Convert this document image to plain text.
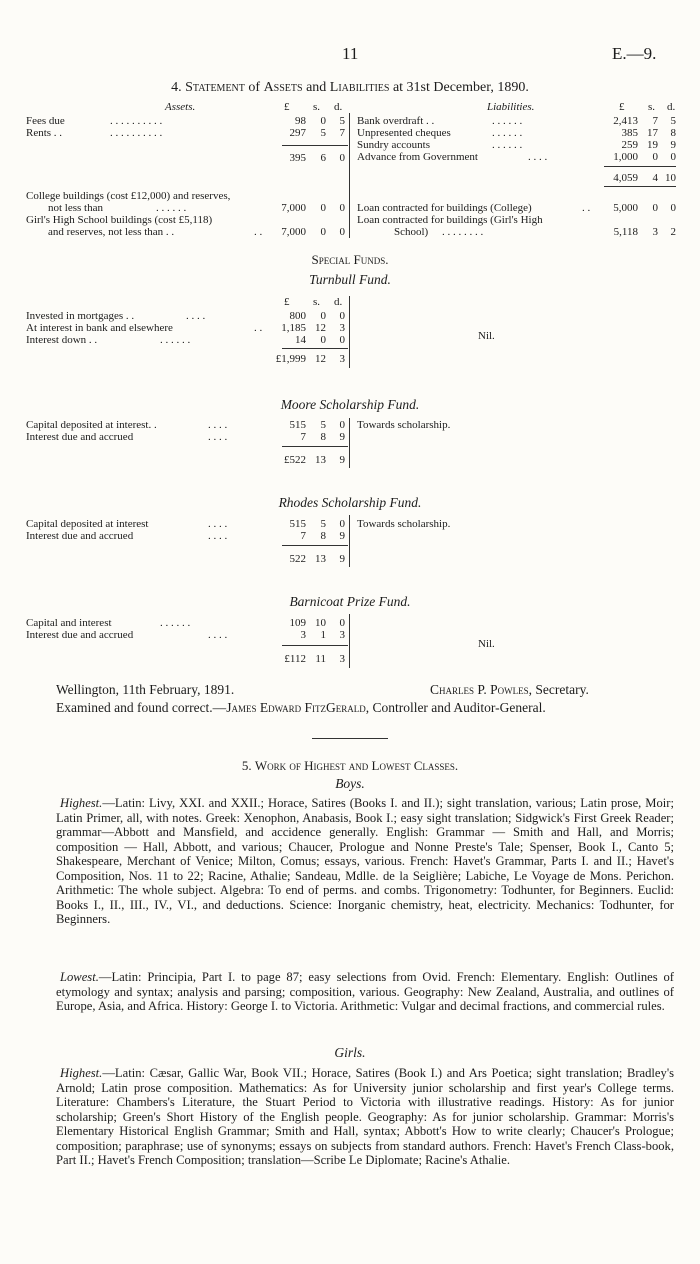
11	E.—9.
4. Statement of Assets and Liabilities at 31st December, 1890.
Assets.	Liabilities.
£ s. d.	£ s. d.
Fees due	. . . . . . . . . .	98	0	5
Rents . .	. . . . . . . . . .	297	5	7
395	6	0
Bank overdraft . .	. . . . . .	2,413	7	5
Unpresented cheques	. . . . . .	385 17	8
Sundry accounts	. . . . . .	259 19	9
Advance from Government	. . . .	1,000	0	0
4,059	4 10
College buildings (cost £12,000) and reserves,
not less than	. . . . . .	7,000	0	0
Girl's High School buildings (cost £5,118)
and reserves, not less than . .	. .	7,000	0	0
Loan contracted for buildings (College)	. .	5,000	0	0
Loan contracted for buildings (Girl's High
School) . . . . . . . .	5,118	3	2
Special Funds.
Turnbull Fund.
£ s. d.
Invested in mortgages . .	. . . .	800	0	0
At interest in bank and elsewhere	. .	1,185 12	3
Interest down . .	. . . . . .	14	0	0
£1,999 12	3
Nil.
Moore Scholarship Fund.
Capital deposited at interest. .	. . . .	515	5	0
Interest due and accrued	. . . .	7	8	9
£522 13	9
Towards scholarship.
Rhodes Scholarship Fund.
Capital deposited at interest	. . . .	515	5	0
Interest due and accrued	. . . .	7	8	9
522 13	9
Towards scholarship.
Barnicoat Prize Fund.
Capital and interest	. . . . . .	109 10	0
Interest due and accrued	. . . .	3	1	3
£112 11	3
Nil.
Wellington, 11th February, 1891.	Charles P. Powles, Secretary.
Examined and found correct.—James Edward FitzGerald, Controller and Auditor-General.
5. Work of Highest and Lowest Classes.
Boys.
Highest.—Latin: Livy, XXI. and XXII.; Horace, Satires (Books I. and II.); sight translation, various; Latin prose, Moir; Latin Primer, all, with notes. Greek: Xenophon, Anabasis, Book I.; easy sight translation; Sidgwick's First Greek Reader; grammar—Abbott and Mansfield, and accidence generally. English: Grammar — Smith and Hall, and Morris; composition — Hall, Abbott, and various; Chaucer, Prologue and Nonne Preste's Tale; Spenser, Book I., Canto 5; Shakespeare, Merchant of Venice; Milton, Comus; essays, various. French: Havet's Grammar, Parts I. and II.; Havet's Composition, Nos. 11 to 22; Racine, Athalie; Sandeau, Mdlle. de la Seiglière; Labiche, Le Voyage de Mons. Perichon. Arithmetic: The whole subject. Algebra: To end of perms. and combs. Trigonometry: Todhunter, for Beginners. Euclid: Books I., II., III., IV., VI., and deductions. Science: Inorganic chemistry, heat, electricity. Mechanics: Todhunter, for Beginners.
Lowest.—Latin: Principia, Part I. to page 87; easy selections from Ovid. French: Elementary. English: Outlines of etymology and syntax; analysis and parsing; composition, various. Geography: New Zealand, Australia, and outlines of Europe, Asia, and Africa. History: George I. to Victoria. Arithmetic: Vulgar and decimal fractions, and commercial rules.
Girls.
Highest.—Latin: Cæsar, Gallic War, Book VII.; Horace, Satires (Book I.) and Ars Poetica; sight translation; Bradley's Arnold; Latin prose composition. Mathematics: As for University junior scholarship and first year's College terms. Literature: Chambers's Literature, the Stuart Period to Victoria with illustrative readings. History: As for junior scholarship; Green's Short History of the English people. Geography: As for junior scholarship. Grammar: Morris's Elementary Historical English Grammar; Smith and Hall, syntax; Abbott's How to write clearly; Chaucer's Prologue; composition; paraphrase; use of synonyms; essays on subjects from standard authors. French: Havet's French Class-book, Part II.; Havet's French Composition; translation—Scribe Le Diplomate; Racine's Athalie.
